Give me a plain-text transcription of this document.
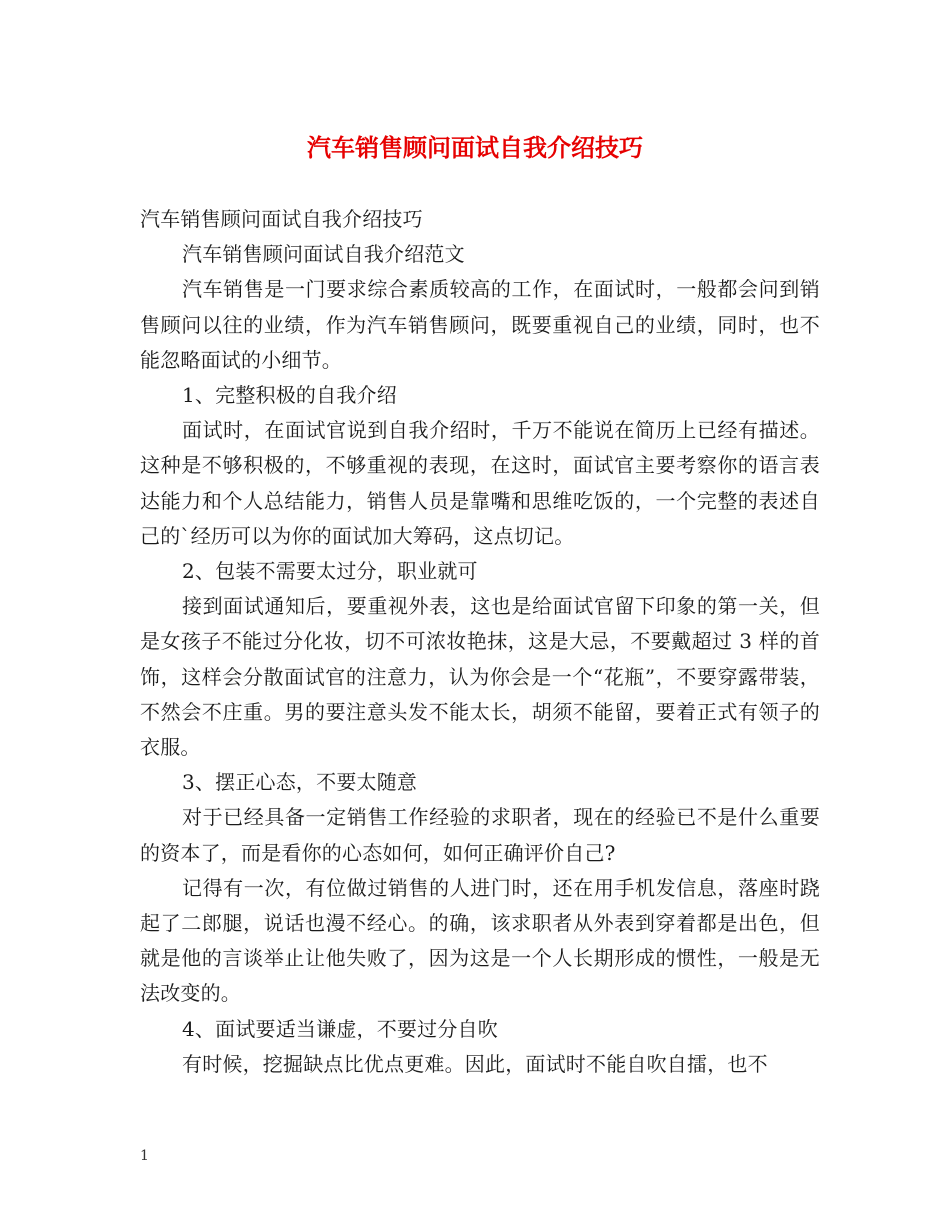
汽车销售顾问面试自我介绍技巧

汽车销售顾问面试自我介绍技巧

汽车销售顾问面试自我介绍范文

汽车销售是一门要求综合素质较高的工作，在面试时，一般都会问到销售顾问以往的业绩，作为汽车销售顾问，既要重视自己的业绩，同时，也不能忽略面试的小细节。

1、完整积极的自我介绍

面试时，在面试官说到自我介绍时，千万不能说在简历上已经有描述。这种是不够积极的，不够重视的表现，在这时，面试官主要考察你的语言表达能力和个人总结能力，销售人员是靠嘴和思维吃饭的，一个完整的表述自己的`经历可以为你的面试加大筹码，这点切记。

2、包装不需要太过分，职业就可

接到面试通知后，要重视外表，这也是给面试官留下印象的第一关，但是女孩子不能过分化妆，切不可浓妆艳抹，这是大忌，不要戴超过 3 样的首饰，这样会分散面试官的注意力，认为你会是一个“花瓶”，不要穿露带装，不然会不庄重。男的要注意头发不能太长，胡须不能留，要着正式有领子的衣服。

3、摆正心态，不要太随意

对于已经具备一定销售工作经验的求职者，现在的经验已不是什么重要的资本了，而是看你的心态如何，如何正确评价自己?

记得有一次，有位做过销售的人进门时，还在用手机发信息，落座时跷起了二郎腿，说话也漫不经心。的确，该求职者从外表到穿着都是出色，但就是他的言谈举止让他失败了，因为这是一个人长期形成的惯性，一般是无法改变的。

4、面试要适当谦虚，不要过分自吹

有时候，挖掘缺点比优点更难。因此，面试时不能自吹自擂，也不

1
